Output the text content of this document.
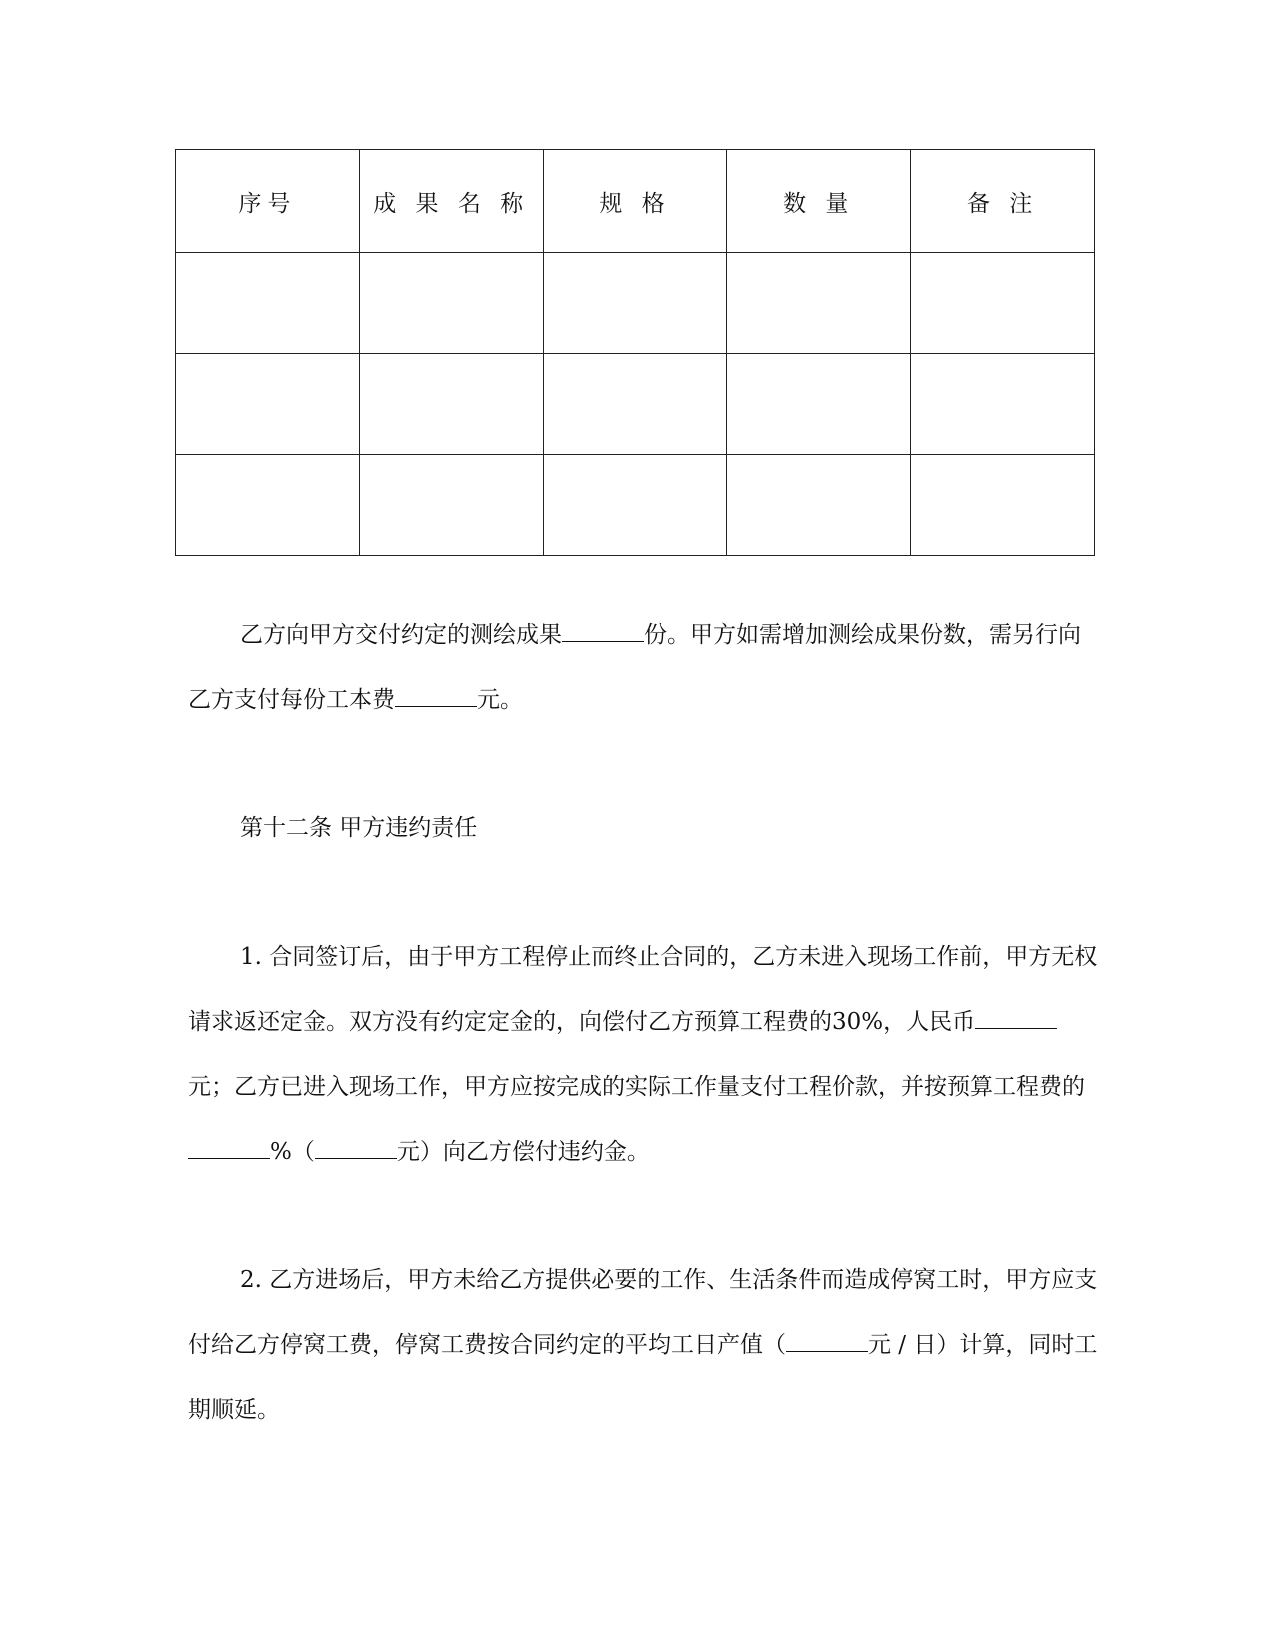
序号	成 果 名 称	规 格	数 量	备 注

乙方向甲方交付约定的测绘成果	份。甲方如需增加测绘成果份数，需另行向乙方支付每份工本费	元。

第十二条 甲方违约责任

1. 合同签订后，由于甲方工程停止而终止合同的，乙方未进入现场工作前，甲方无权请求返还定金。双方没有约定定金的，向偿付乙方预算工程费的30%，人民币元；乙方已进入现场工作，甲方应按完成的实际工作量支付工程价款，并按预算工程费的%（	元）向乙方偿付违约金。

2. 乙方进场后，甲方未给乙方提供必要的工作、生活条件而造成停窝工时，甲方应支付给乙方停窝工费，停窝工费按合同约定的平均工日产值（	元 / 日）计算，同时工期顺延。
